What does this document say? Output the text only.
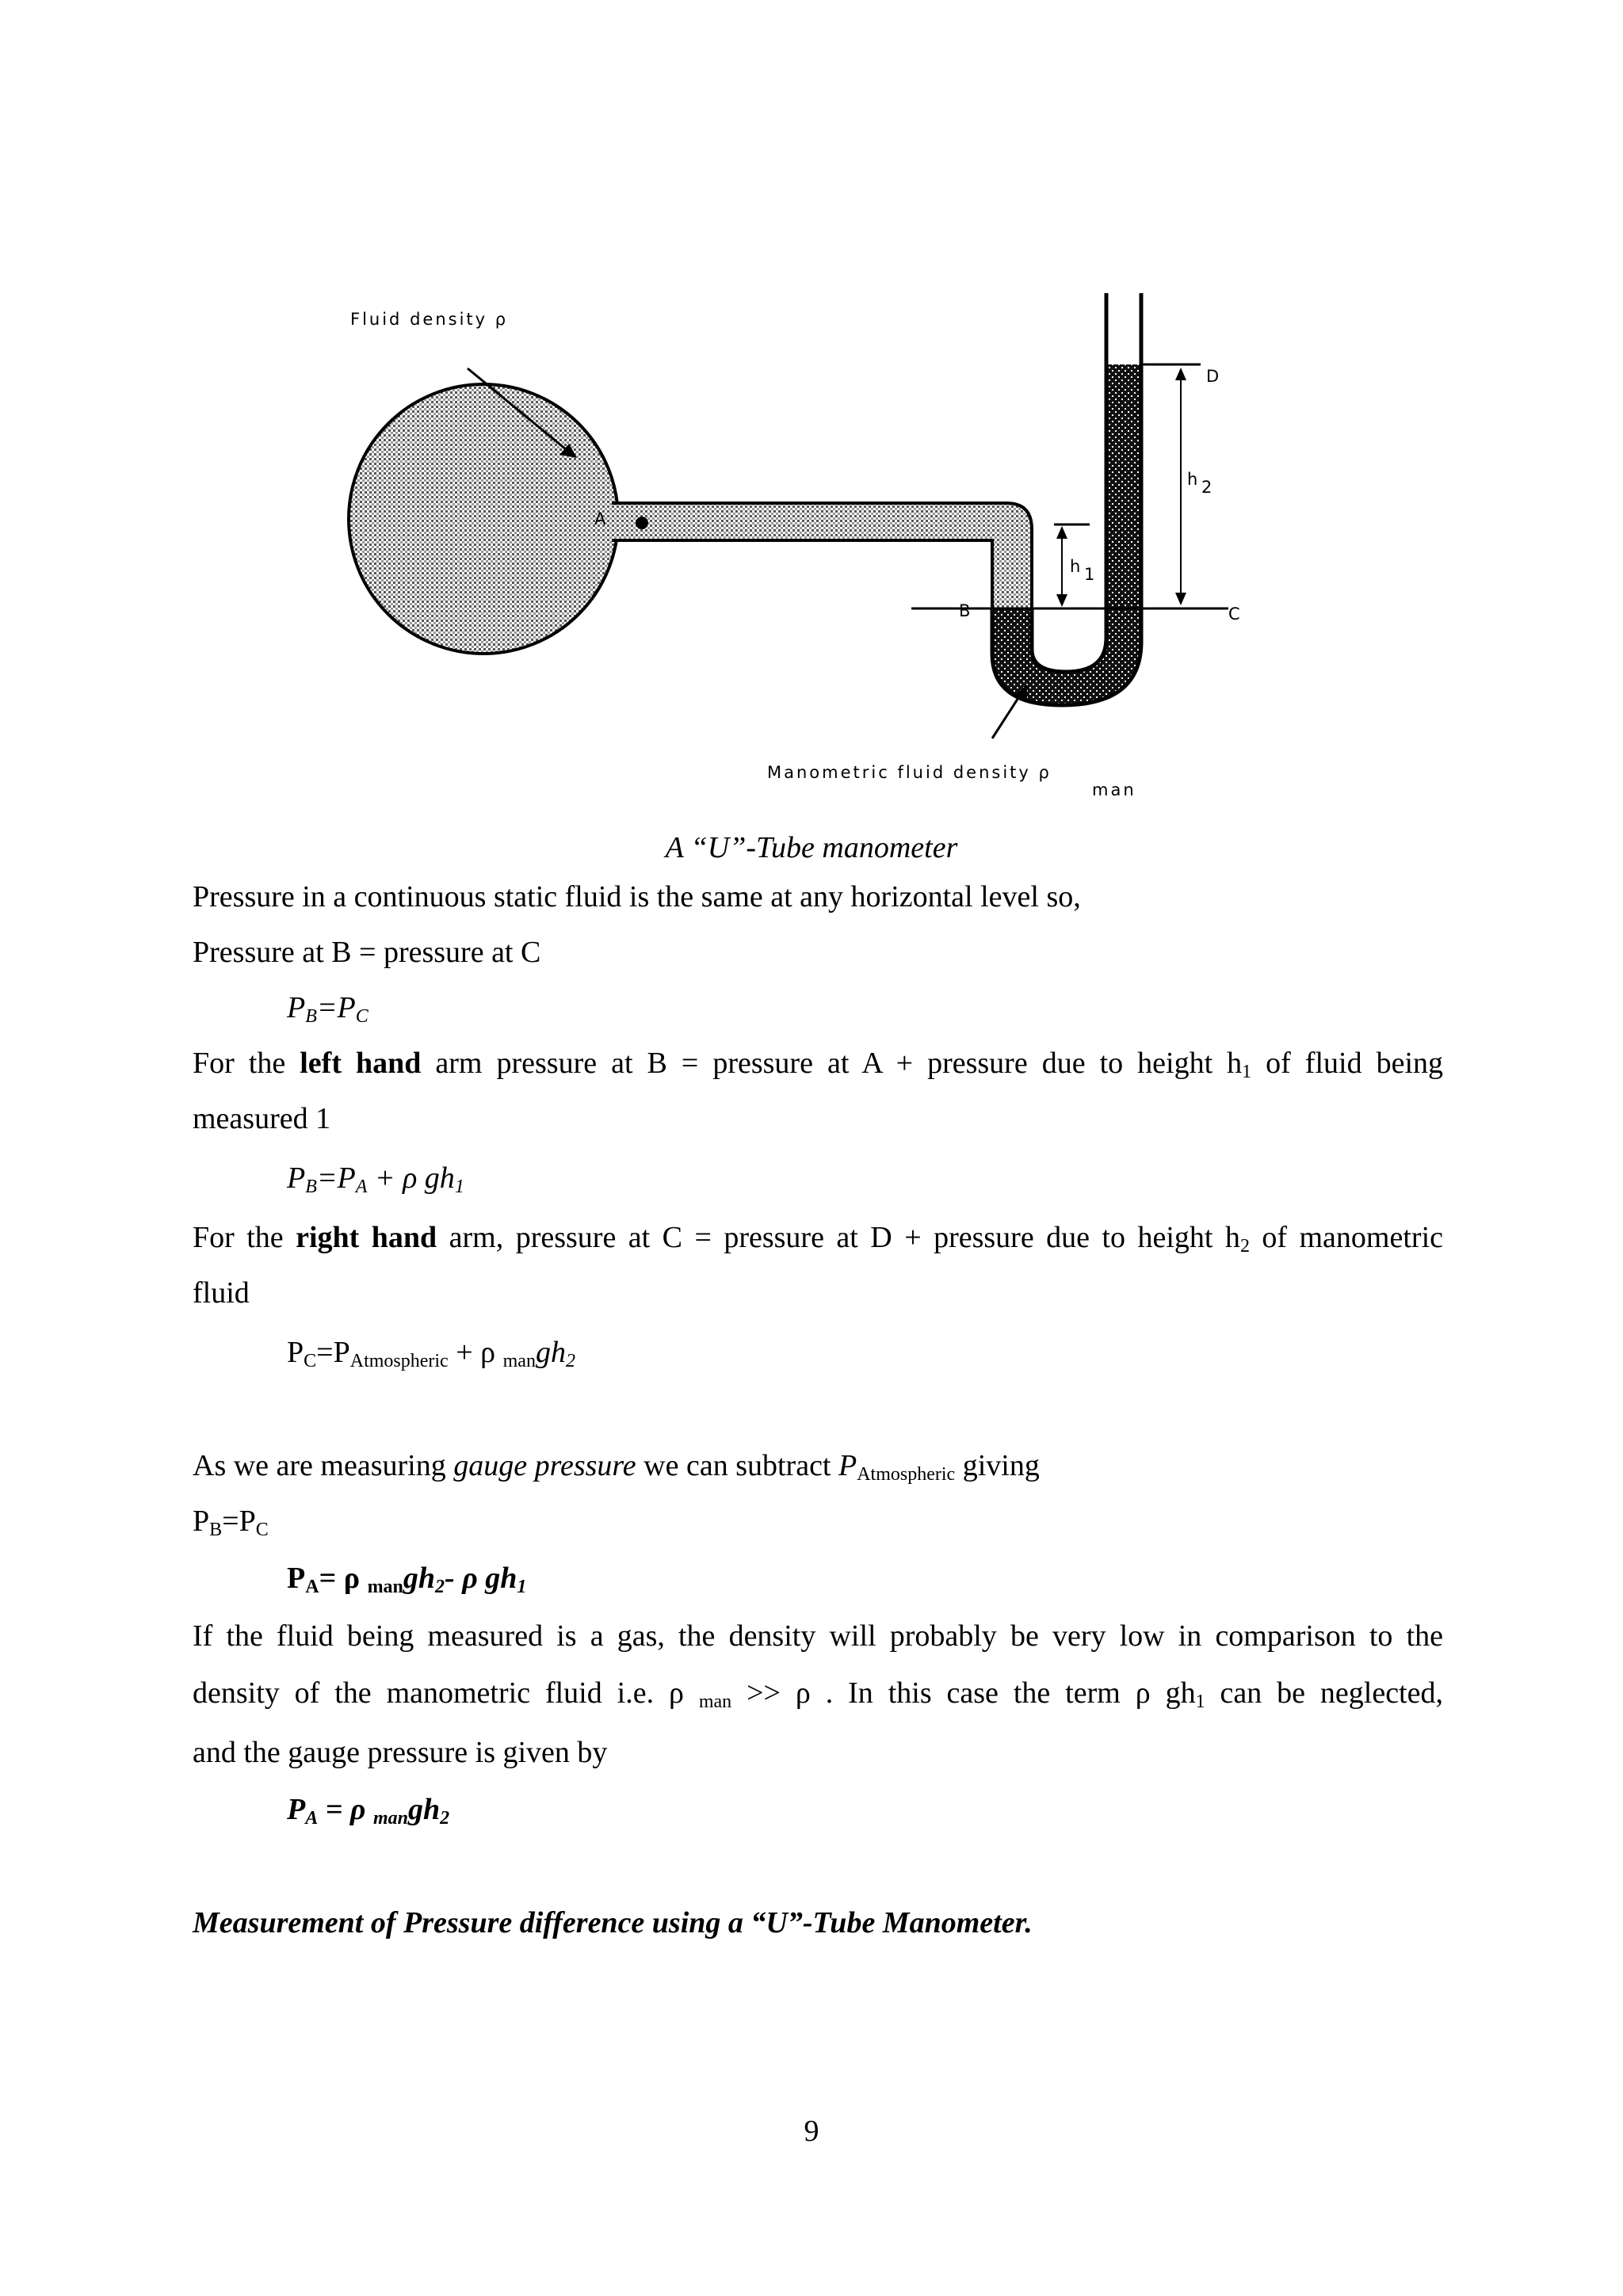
Fluid density ρ
A
B	C
D
h 1
h 2
Manometric fluid density ρ
man
A “U”-Tube manometer
Pressure in a continuous static fluid is the same at any horizontal level so,
Pressure at B = pressure at C
$P_B=P_C$
For the left hand arm pressure at B = pressure at A + pressure due to height $h_1$ of fluid being
measured 1
$P_B=P_A + \rho$ $gh_1$
For the right hand arm, pressure at C = pressure at D + pressure due to height $h_2$ of manometric
fluid
$P_C=P_{Atmospheric} + \rho$ $_{man}gh_2$
As we are measuring gauge pressure we can subtract $P_{Atmospheric}$ giving
$P_B=P_C$
$P_A= \rho$ $_{man}gh_2-$ ρ $gh_1$
If the fluid being measured is a gas, the density will probably be very low in comparison to the
density of the manometric fluid i.e. ρ $_{man}$ >> ρ . In this case the term ρ $gh_1$ can be neglected,
and the gauge pressure is given by
$P_A = \rho$ $_{man}gh_2$
Measurement of Pressure difference using a “U”-Tube Manometer.
9
